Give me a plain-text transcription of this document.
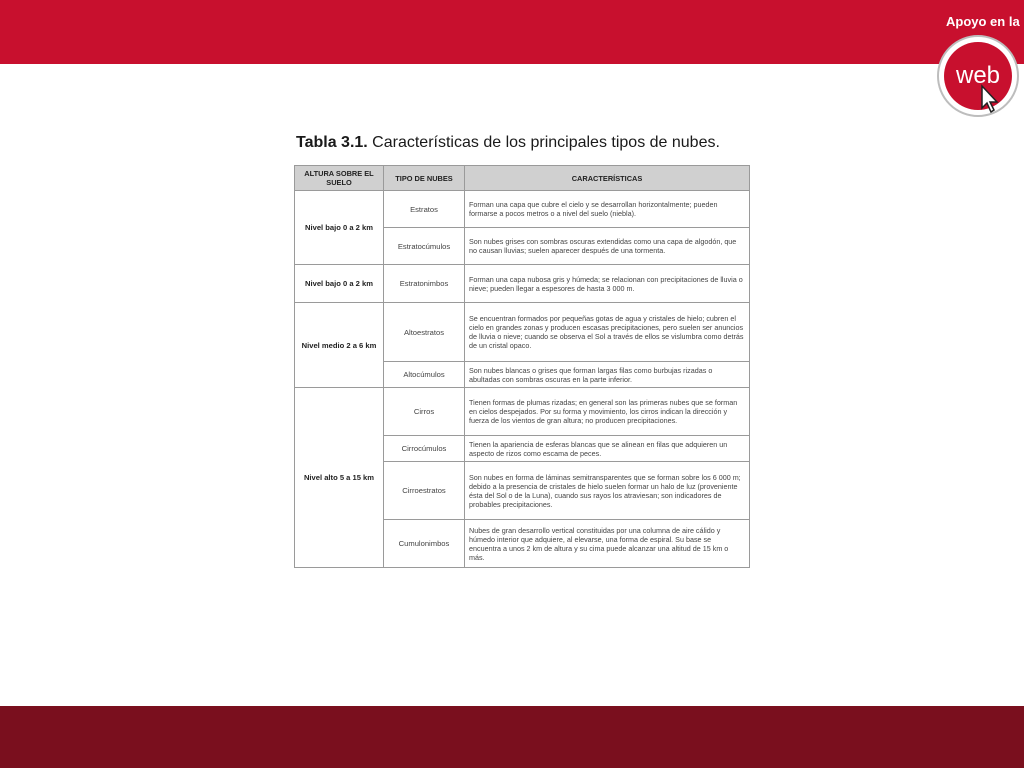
Apoyo en la
web
Tabla 3.1. Características de los principales tipos de nubes.
ALTURA SOBRE EL SUELO	TIPO DE NUBES	CARACTERÍSTICAS
Nivel bajo 0 a 2 km	Estratos	Forman una capa que cubre el cielo y se desarrollan horizontalmente; pueden formarse a pocos metros o a nivel del suelo (niebla).
	Estratocúmulos	Son nubes grises con sombras oscuras extendidas como una capa de algodón, que no causan lluvias; suelen aparecer después de una tormenta.
Nivel bajo 0 a 2 km	Estratonimbos	Forman una capa nubosa gris y húmeda; se relacionan con precipitaciones de lluvia o nieve; pueden llegar a espesores de hasta 3 000 m.
Nivel medio 2 a 6 km	Altoestratos	Se encuentran formados por pequeñas gotas de agua y cristales de hielo; cubren el cielo en grandes zonas y producen escasas precipitaciones, pero suelen ser anuncios de lluvia o nieve; cuando se observa el Sol a través de ellos se vislumbra como detrás de un cristal opaco.
	Altocúmulos	Son nubes blancas o grises que forman largas filas como burbujas rizadas o abultadas con sombras oscuras en la parte inferior.
Nivel alto 5 a 15 km	Cirros	Tienen formas de plumas rizadas; en general son las primeras nubes que se forman en cielos despejados. Por su forma y movimiento, los cirros indican la dirección y fuerza de los vientos de gran altura; no producen precipitaciones.
	Cirrocúmulos	Tienen la apariencia de esferas blancas que se alinean en filas que adquieren un aspecto de rizos como escama de peces.
	Cirroestratos	Son nubes en forma de láminas semitransparentes que se forman sobre los 6 000 m; debido a la presencia de cristales de hielo suelen formar un halo de luz (proveniente ésta del Sol o de la Luna), cuando sus rayos los atraviesan; son indicadores de probables precipitaciones.
	Cumulonimbos	Nubes de gran desarrollo vertical constituidas por una columna de aire cálido y húmedo interior que adquiere, al elevarse, una forma de espiral. Su base se encuentra a unos 2 km de altura y su cima puede alcanzar una altitud de 15 km o más.
